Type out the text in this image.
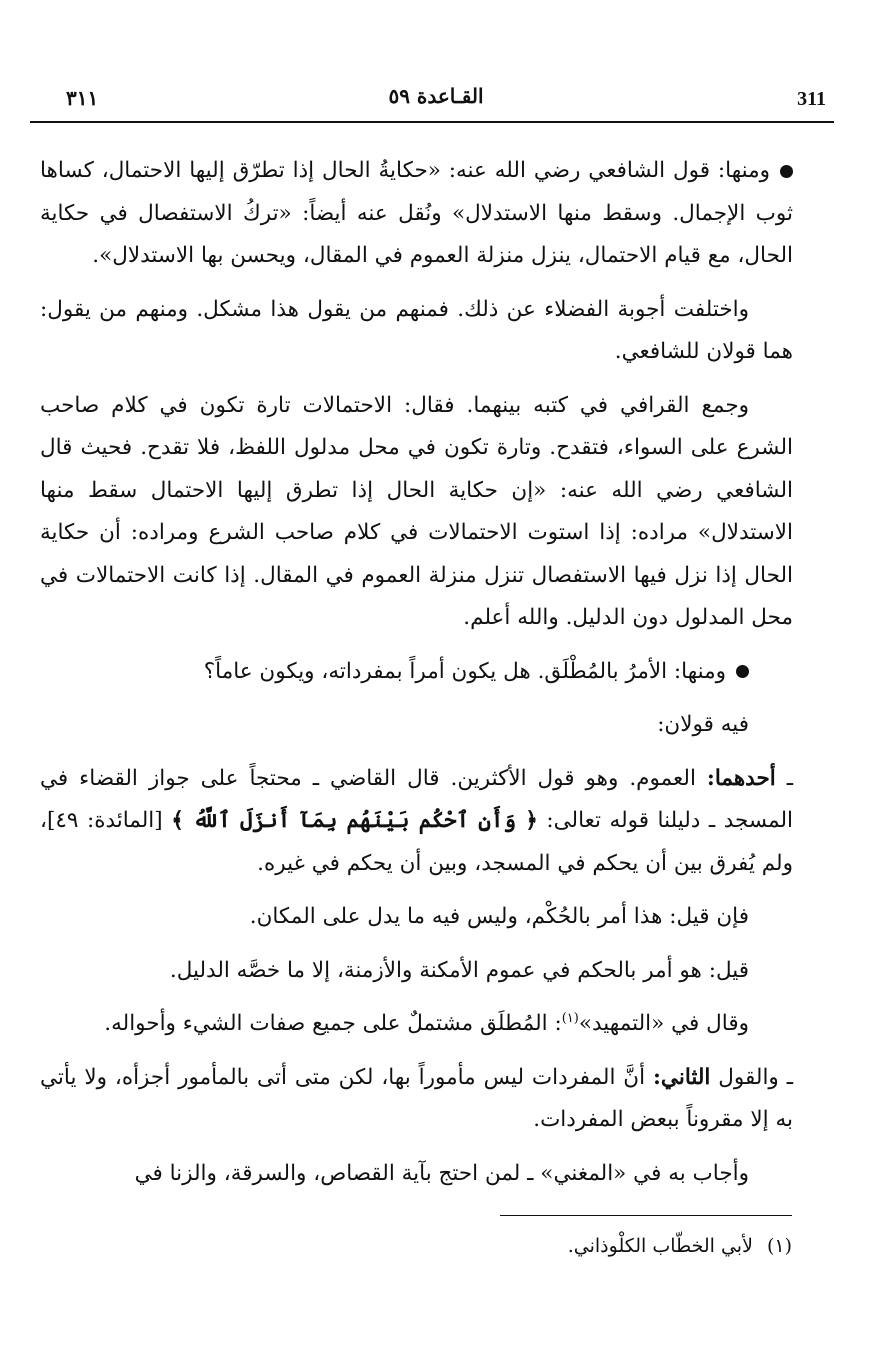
٣١١	القـاعدة ٥٩	311

ومنها: قول الشافعي رضي الله عنه: «حكايةُ الحال إذا تطرّق إليها الاحتمال، كساها ثوب الإجمال. وسقط منها الاستدلال» ونُقل عنه أيضاً: «تركُ الاستفصال في حكاية الحال، مع قيام الاحتمال، ينزل منزلة العموم في المقال، ويحسن بها الاستدلال».

واختلفت أجوبة الفضلاء عن ذلك. فمنهم من يقول هذا مشكل. ومنهم من يقول: هما قولان للشافعي.

وجمع القرافي في كتبه بينهما. فقال: الاحتمالات تارة تكون في كلام صاحب الشرع على السواء، فتقدح. وتارة تكون في محل مدلول اللفظ، فلا تقدح. فحيث قال الشافعي رضي الله عنه: «إن حكاية الحال إذا تطرق إليها الاحتمال سقط منها الاستدلال» مراده: إذا استوت الاحتمالات في كلام صاحب الشرع ومراده: أن حكاية الحال إذا نزل فيها الاستفصال تنزل منزلة العموم في المقال. إذا كانت الاحتمالات في محل المدلول دون الدليل. والله أعلم.

ومنها: الأمرُ بالمُطْلَق. هل يكون أمراً بمفرداته، ويكون عاماً؟

فيه قولان:

ـ أحدهما: العموم. وهو قول الأكثرين. قال القاضي ـ محتجاً على جواز القضاء في المسجد ـ دليلنا قوله تعالى: ﴿ وَأَنِ ٱحْكُم بَيْنَهُم بِمَآ أَنزَلَ ٱللَّهُ ﴾ [المائدة: ٤٩]، ولم يُفرق بين أن يحكم في المسجد، وبين أن يحكم في غيره.

فإن قيل: هذا أمر بالحُكْم، وليس فيه ما يدل على المكان.

قيل: هو أمر بالحكم في عموم الأمكنة والأزمنة، إلا ما خصَّه الدليل.

وقال في «التمهيد»$^{(١)}$: المُطلَق مشتملٌ على جميع صفات الشيء وأحواله.

ـ والقول الثاني: أنَّ المفردات ليس مأموراً بها، لكن متى أتى بالمأمور أجزأه، ولا يأتي به إلا مقروناً ببعض المفردات.

وأجاب به في «المغني» ـ لمن احتج بآية القصاص، والسرقة، والزنا في

(١)لأبي الخطّاب الكلْوذاني.
